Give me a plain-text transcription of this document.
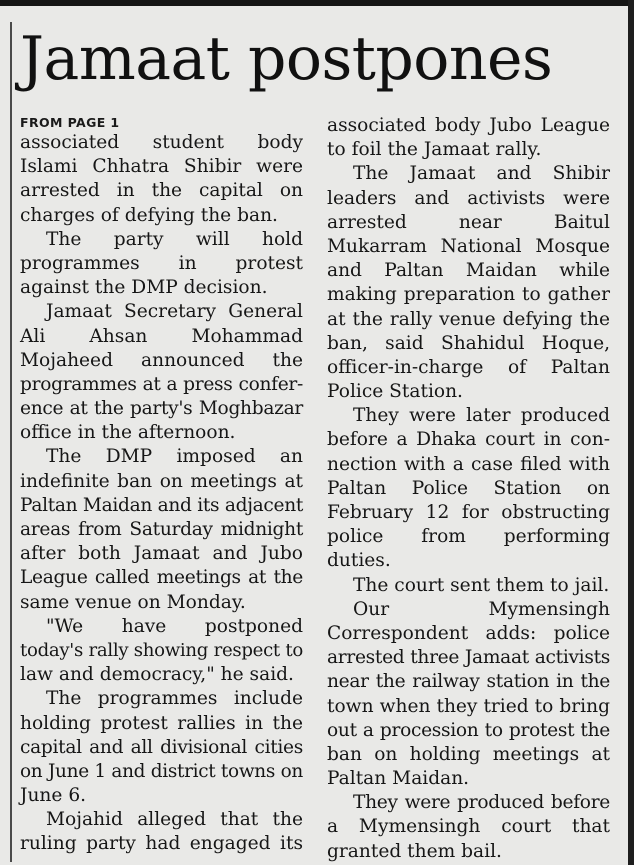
Jamaat postpones
FROM PAGE 1
associated student body
Islami Chhatra Shibir were
arrested in the capital on
charges of defying the ban.
The party will hold
programmes in protest
against the DMP decision.
Jamaat Secretary General
Ali Ahsan Mohammad
Mojaheed announced the
programmes at a press confer-
ence at the party's Moghbazar
office in the afternoon.
The DMP imposed an
indefinite ban on meetings at
Paltan Maidan and its adjacent
areas from Saturday midnight
after both Jamaat and Jubo
League called meetings at the
same venue on Monday.
"We have postponed
today's rally showing respect to
law and democracy," he said.
The programmes include
holding protest rallies in the
capital and all divisional cities
on June 1 and district towns on
June 6.
Mojahid alleged that the
ruling party had engaged its
associated body Jubo League
to foil the Jamaat rally.
The Jamaat and Shibir
leaders and activists were
arrested near Baitul
Mukarram National Mosque
and Paltan Maidan while
making preparation to gather
at the rally venue defying the
ban, said Shahidul Hoque,
officer-in-charge of Paltan
Police Station.
They were later produced
before a Dhaka court in con-
nection with a case filed with
Paltan Police Station on
February 12 for obstructing
police from performing
duties.
The court sent them to jail.
Our Mymensingh
Correspondent adds: police
arrested three Jamaat activists
near the railway station in the
town when they tried to bring
out a procession to protest the
ban on holding meetings at
Paltan Maidan.
They were produced before
a Mymensingh court that
granted them bail.
